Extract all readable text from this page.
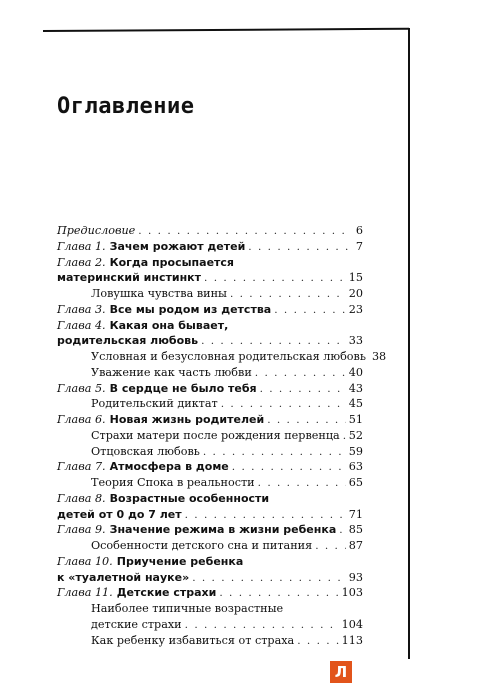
Оглавление
Предисловие . . .	6
Глава 1. Зачем рожают детей . . .	7
Глава 2. Когда просыпается
материнский инстинкт . . .	15
Ловушка чувства вины . . .	20
Глава 3. Все мы родом из детства . . .	23
Глава 4. Какая она бывает,
родительская любовь . . .	33
Условная и безусловная родительская любовь 38
Уважение как часть любви . . .	40
Глава 5. В сердце не было тебя . . .	43
Родительский диктат . . .	45
Глава 6. Новая жизнь родителей . . .	51
Страхи матери после рождения первенца . . . 52
Отцовская любовь . . .	59
Глава 7. Атмосфера в доме . . .	63
Теория Спока в реальности . . .	65
Глава 8. Возрастные особенности
детей от 0 до 7 лет . . .	71
Глава 9. Значение режима в жизни ребенка . . . 85
Особенности детского сна и питания . . .	87
Глава 10. Приучение ребенка
к «туалетной науке» . . .	93
Глава 11. Детские страхи . . .	103
Наиболее типичные возрастные
детские страхи . . .	104
Как ребенку избавиться от страха . . .	113
Л
